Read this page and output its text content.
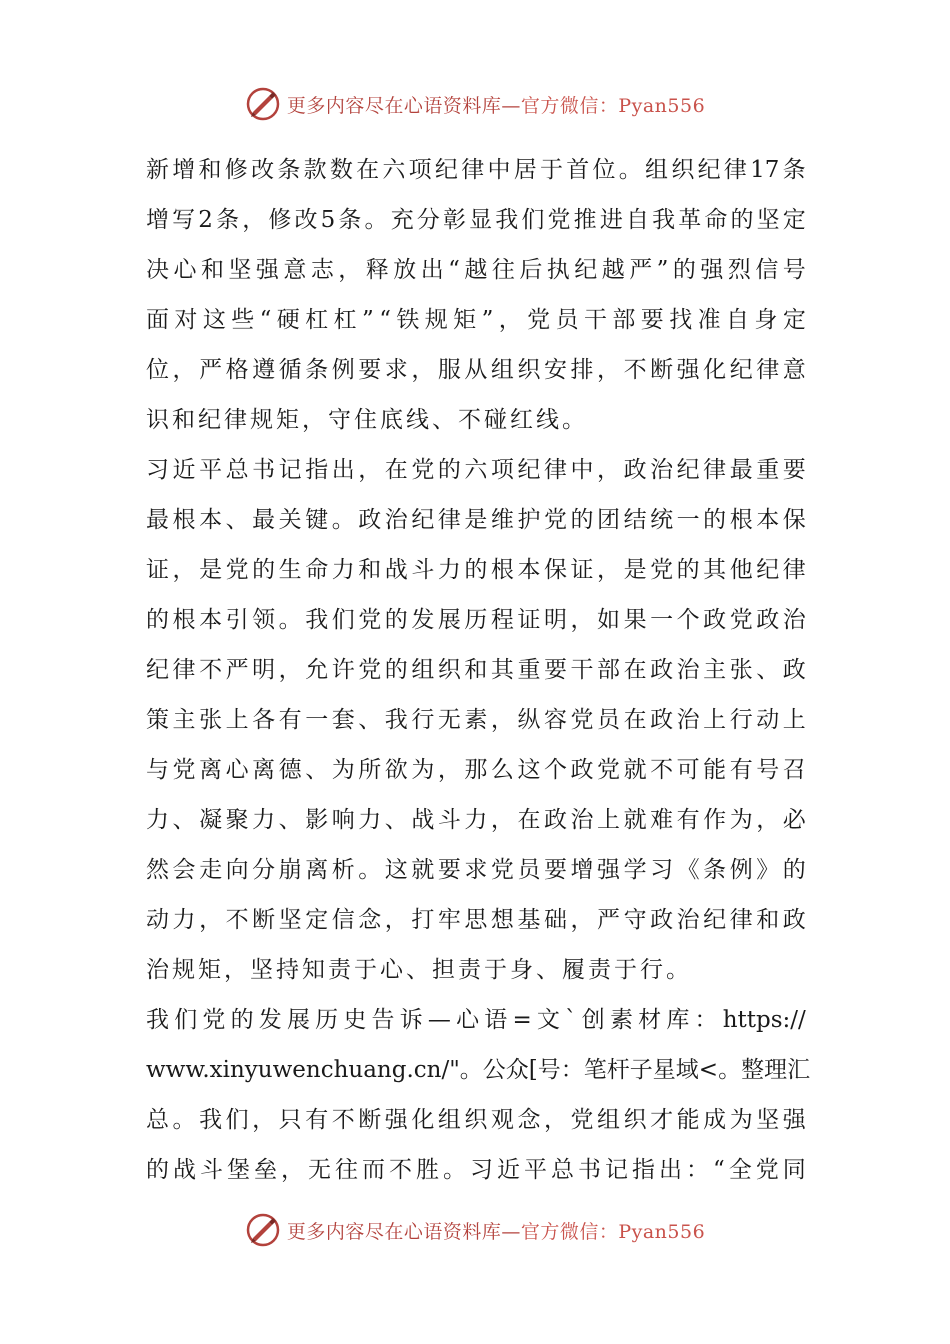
更多内容尽在心语资料库—官方微信：Pyan556
新 增 和 修 改 条 款 数 在 六 项 纪 律 中 居 于 首 位 。 组 织 纪 律 17 条
增 写 2 条 ， 修 改 5 条 。 充 分 彰 显 我 们 党 推 进 自 我 革 命 的 坚 定
决 心 和 坚 强 意 志 ， 释 放 出 “ 越 往 后 执 纪 越 严 ” 的 强 烈 信 号
面 对 这 些 “ 硬 杠 杠 ” “ 铁 规 矩 ” ， 党 员 干 部 要 找 准 自 身 定
位 ， 严 格 遵 循 条 例 要 求 ， 服 从 组 织 安 排 ， 不 断 强 化 纪 律 意
识和纪律规矩，守住底线、不碰红线。
习 近 平 总 书 记 指 出 ， 在 党 的 六 项 纪 律 中 ， 政 治 纪 律 最 重 要
最 根 本 、 最 关 键 。 政 治 纪 律 是 维 护 党 的 团 结 统 一 的 根 本 保
证 ， 是 党 的 生 命 力 和 战 斗 力 的 根 本 保 证 ， 是 党 的 其 他 纪 律
的 根 本 引 领 。 我 们 党 的 发 展 历 程 证 明 ， 如 果 一 个 政 党 政 治
纪 律 不 严 明 ， 允 许 党 的 组 织 和 其 重 要 干 部 在 政 治 主 张 、 政
策 主 张 上 各 有 一 套 、 我 行 无 素 ， 纵 容 党 员 在 政 治 上 行 动 上
与 党 离 心 离 德 、 为 所 欲 为 ， 那 么 这 个 政 党 就 不 可 能 有 号 召
力 、 凝 聚 力 、 影 响 力 、 战 斗 力 ， 在 政 治 上 就 难 有 作 为 ， 必
然 会 走 向 分 崩 离 析 。 这 就 要 求 党 员 要 增 强 学 习 《 条 例 》 的
动 力 ， 不 断 坚 定 信 念 ， 打 牢 思 想 基 础 ， 严 守 政 治 纪 律 和 政
治规矩，坚持知责于心、担责于身、履责于行。
我 们 党 的 发 展 历 史 告 诉 — 心 语 = 文 ` 创 素 材 库 ： https://
www.xinyuwenchuang.cn/" 。 公 众 [ 号 ： 笔 杆 子 星 域 < 。 整 理 汇
总 。 我 们 ， 只 有 不 断 强 化 组 织 观 念 ， 党 组 织 才 能 成 为 坚 强
的 战 斗 堡 垒 ， 无 往 而 不 胜 。 习 近 平 总 书 记 指 出 ： “ 全 党 同
更多内容尽在心语资料库—官方微信：Pyan556
